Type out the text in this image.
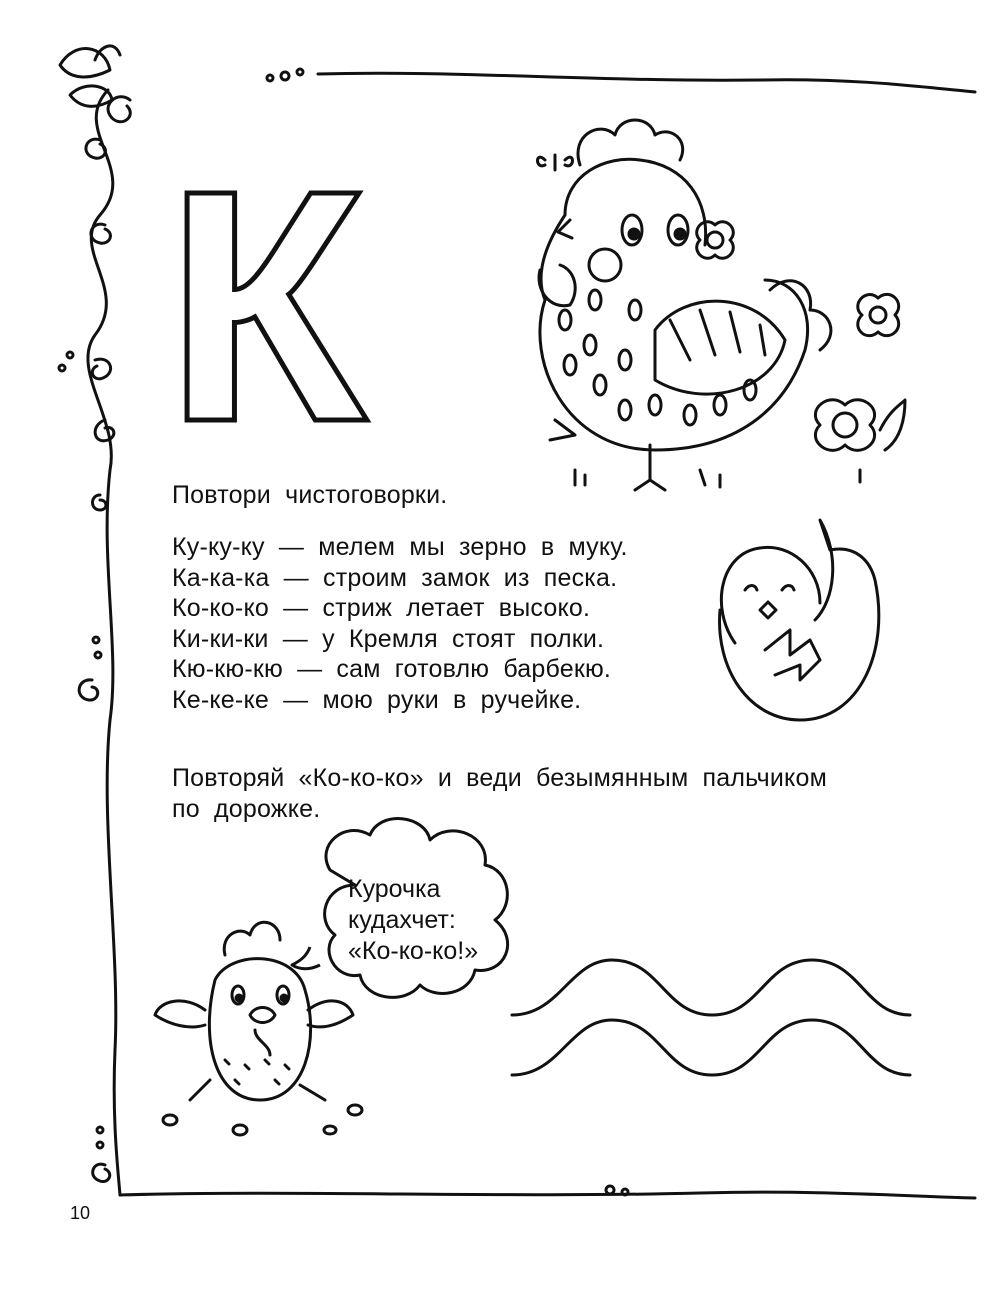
К
Повтори чистоговорки.
Ку-ку-ку — мелем мы зерно в муку.
Ка-ка-ка — строим замок из песка.
Ко-ко-ко — стриж летает высоко.
Ки-ки-ки — у Кремля стоят полки.
Кю-кю-кю — сам готовлю барбекю.
Ке-ке-ке — мою руки в ручейке.
Повторяй «Ко-ко-ко» и веди безымянным пальчиком
по дорожке.
Курочка
кудахчет:
«Ко-ко-ко!»
10
